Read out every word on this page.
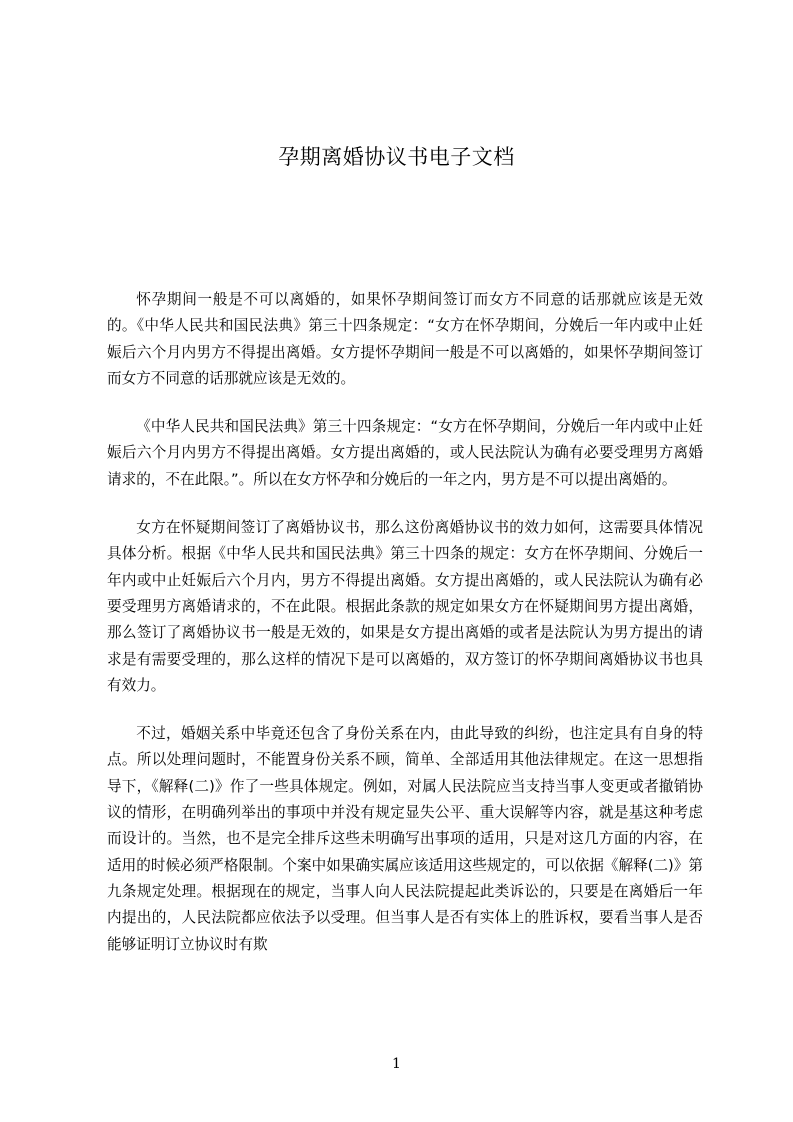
孕期离婚协议书电子文档

怀孕期间一般是不可以离婚的，如果怀孕期间签订而女方不同意的话那就应该是无效的。《中华人民共和国民法典》第三十四条规定：“女方在怀孕期间，分娩后一年内或中止妊娠后六个月内男方不得提出离婚。女方提怀孕期间一般是不可以离婚的，如果怀孕期间签订而女方不同意的话那就应该是无效的。

《中华人民共和国民法典》第三十四条规定：“女方在怀孕期间，分娩后一年内或中止妊娠后六个月内男方不得提出离婚。女方提出离婚的，或人民法院认为确有必要受理男方离婚请求的，不在此限。”。所以在女方怀孕和分娩后的一年之内，男方是不可以提出离婚的。

女方在怀疑期间签订了离婚协议书，那么这份离婚协议书的效力如何，这需要具体情况具体分析。根据《中华人民共和国民法典》第三十四条的规定：女方在怀孕期间、分娩后一年内或中止妊娠后六个月内，男方不得提出离婚。女方提出离婚的，或人民法院认为确有必要受理男方离婚请求的，不在此限。根据此条款的规定如果女方在怀疑期间男方提出离婚，那么签订了离婚协议书一般是无效的，如果是女方提出离婚的或者是法院认为男方提出的请求是有需要受理的，那么这样的情况下是可以离婚的，双方签订的怀孕期间离婚协议书也具有效力。

不过，婚姻关系中毕竟还包含了身份关系在内，由此导致的纠纷，也注定具有自身的特点。所以处理问题时，不能置身份关系不顾，简单、全部适用其他法律规定。在这一思想指导下，《解释(二)》作了一些具体规定。例如，对属人民法院应当支持当事人变更或者撤销协议的情形，在明确列举出的事项中并没有规定显失公平、重大误解等内容，就是基这种考虑而设计的。当然，也不是完全排斥这些未明确写出事项的适用，只是对这几方面的内容，在适用的时候必须严格限制。个案中如果确实属应该适用这些规定的，可以依据《解释(二)》第九条规定处理。根据现在的规定，当事人向人民法院提起此类诉讼的，只要是在离婚后一年内提出的，人民法院都应依法予以受理。但当事人是否有实体上的胜诉权，要看当事人是否能够证明订立协议时有欺

1
